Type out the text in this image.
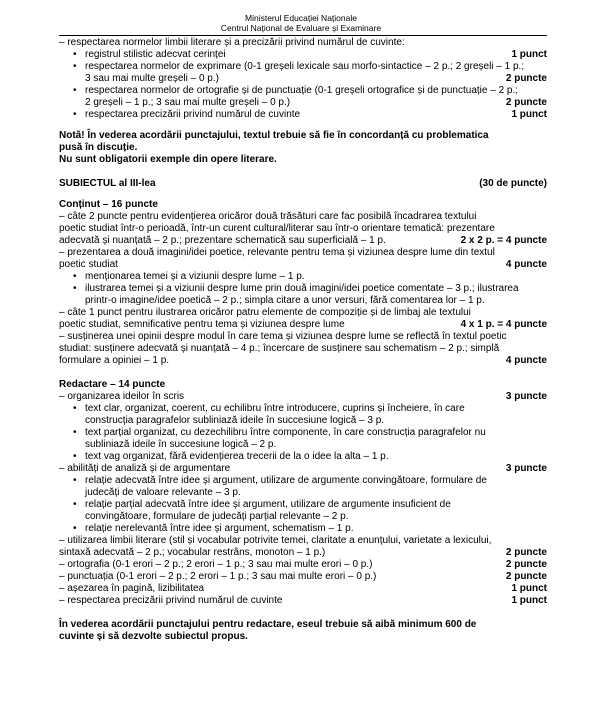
Ministerul Educației Naționale
Centrul Național de Evaluare și Examinare
– respectarea normelor limbii literare și a precizării privind numărul de cuvinte:
• registrul stilistic adecvat cerinței	1 punct
• respectarea normelor de exprimare (0-1 greșeli lexicale sau morfo-sintactice – 2 p.; 2 greșeli – 1 p.;
3 sau mai multe greșeli – 0 p.)	2 puncte
• respectarea normelor de ortografie și de punctuație (0-1 greșeli ortografice și de punctuație – 2 p.;
2 greșeli – 1 p.; 3 sau mai multe greșeli – 0 p.)	2 puncte
• respectarea precizării privind numărul de cuvinte	1 punct
Notă! În vederea acordării punctajului, textul trebuie să fie în concordanță cu problematica
pusă în discuție.
Nu sunt obligatorii exemple din opere literare.
SUBIECTUL al III-lea	(30 de puncte)
Conținut – 16 puncte
– câte 2 puncte pentru evidențierea oricăror două trăsături care fac posibilă încadrarea textului
poetic studiat într-o perioadă, într-un curent cultural/literar sau într-o orientare tematică: prezentare
adecvată și nuanțată – 2 p.; prezentare schematică sau superficială – 1 p.	2 x 2 p. = 4 puncte
– prezentarea a două imagini/idei poetice, relevante pentru tema și viziunea despre lume din textul
poetic studiat	4 puncte
• menționarea temei și a viziunii despre lume – 1 p.
• ilustrarea temei și a viziunii despre lume prin două imagini/idei poetice comentate – 3 p.; ilustrarea
printr-o imagine/idee poetică – 2 p.; simpla citare a unor versuri, fără comentarea lor – 1 p.
– câte 1 punct pentru ilustrarea oricăror patru elemente de compoziție și de limbaj ale textului
poetic studiat, semnificative pentru tema și viziunea despre lume	4 x 1 p. = 4 puncte
– susținerea unei opinii despre modul în care tema și viziunea despre lume se reflectă în textul poetic
studiat: susținere adecvată și nuanțată – 4 p.; încercare de susținere sau schematism – 2 p.; simplă
formulare a opiniei – 1 p.	4 puncte
Redactare – 14 puncte
– organizarea ideilor în scris	3 puncte
• text clar, organizat, coerent, cu echilibru între introducere, cuprins și încheiere, în care
construcția paragrafelor subliniază ideile în succesiune logică – 3 p.
• text parțial organizat, cu dezechilibru între componente, în care construcția paragrafelor nu
subliniază ideile în succesiune logică – 2 p.
• text vag organizat, fără evidențierea trecerii de la o idee la alta – 1 p.
– abilități de analiză și de argumentare	3 puncte
• relație adecvată între idee și argument, utilizare de argumente convingătoare, formulare de
judecăți de valoare relevante – 3 p.
• relație parțial adecvată între idee și argument, utilizare de argumente insuficient de
convingătoare, formulare de judecăți parțial relevante – 2 p.
• relație nerelevantă între idee și argument, schematism – 1 p.
– utilizarea limbii literare (stil și vocabular potrivite temei, claritate a enunțului, varietate a lexicului,
sintaxă adecvată – 2 p.; vocabular restrâns, monoton – 1 p.)	2 puncte
– ortografia (0-1 erori – 2 p.; 2 erori – 1 p.; 3 sau mai multe erori – 0 p.)	2 puncte
– punctuația (0-1 erori – 2 p.; 2 erori – 1 p.; 3 sau mai multe erori – 0 p.)	2 puncte
– așezarea în pagină, lizibilitatea	1 punct
– respectarea precizării privind numărul de cuvinte	1 punct
În vederea acordării punctajului pentru redactare, eseul trebuie să aibă minimum 600 de
cuvinte și să dezvolte subiectul propus.
